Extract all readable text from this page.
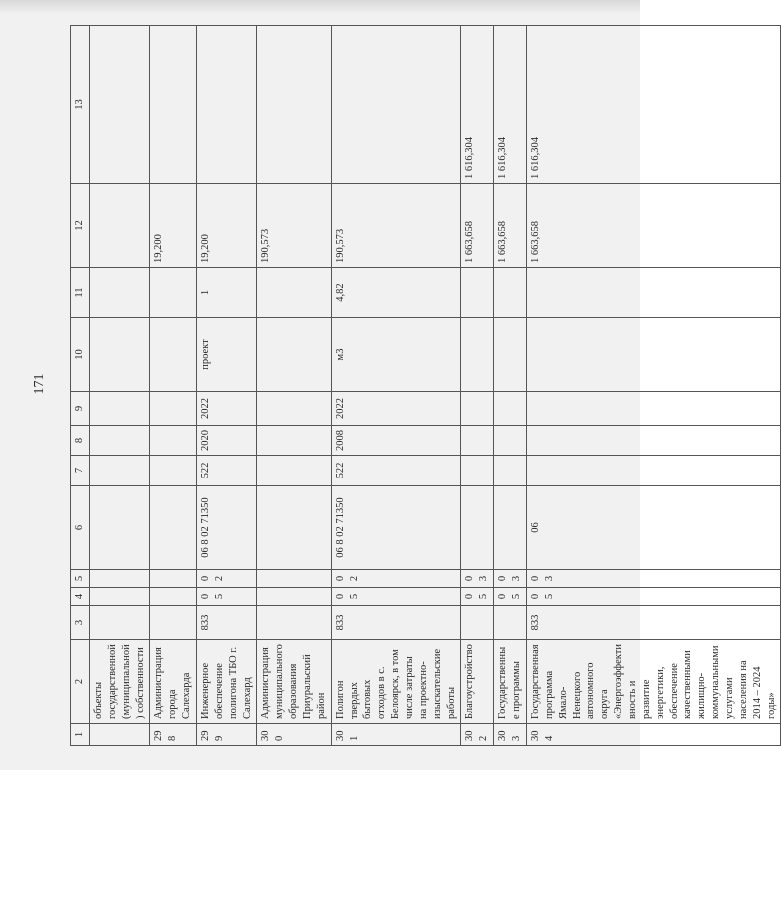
171
1	2	3	4	5	6	7	8	9	10	11	12	13
	объекты государственной (муниципальной) собственности											
298	Администрация города Салехарда										19,200	
299	Инженерное обеспечение полигона ТБО г. Салехард	833	05	02	06 8 02 71350	522	2020	2022	проект	1	19,200	
300	Администрация муниципального образования Приуральский район										190,573	
301	Полигон твердых бытовых отходов в с. Белоярск, в том числе затраты на проектно-изыскательские работы	833	05	02	06 8 02 71350	522	2008	2022	м3	4,82	190,573	
302	Благоустройство		05	03							1 663,658	1 616,304
303	Государственные программы		05	03							1 663,658	1 616,304
304	Государственная программа Ямало-Ненецкого автономного округа «Энергоэффективность и развитие энергетики, обеспечение качественными жилищно-коммунальными услугами населения на 2014 – 2024 годы»	833	05	03	06						1 663,658	1 616,304
